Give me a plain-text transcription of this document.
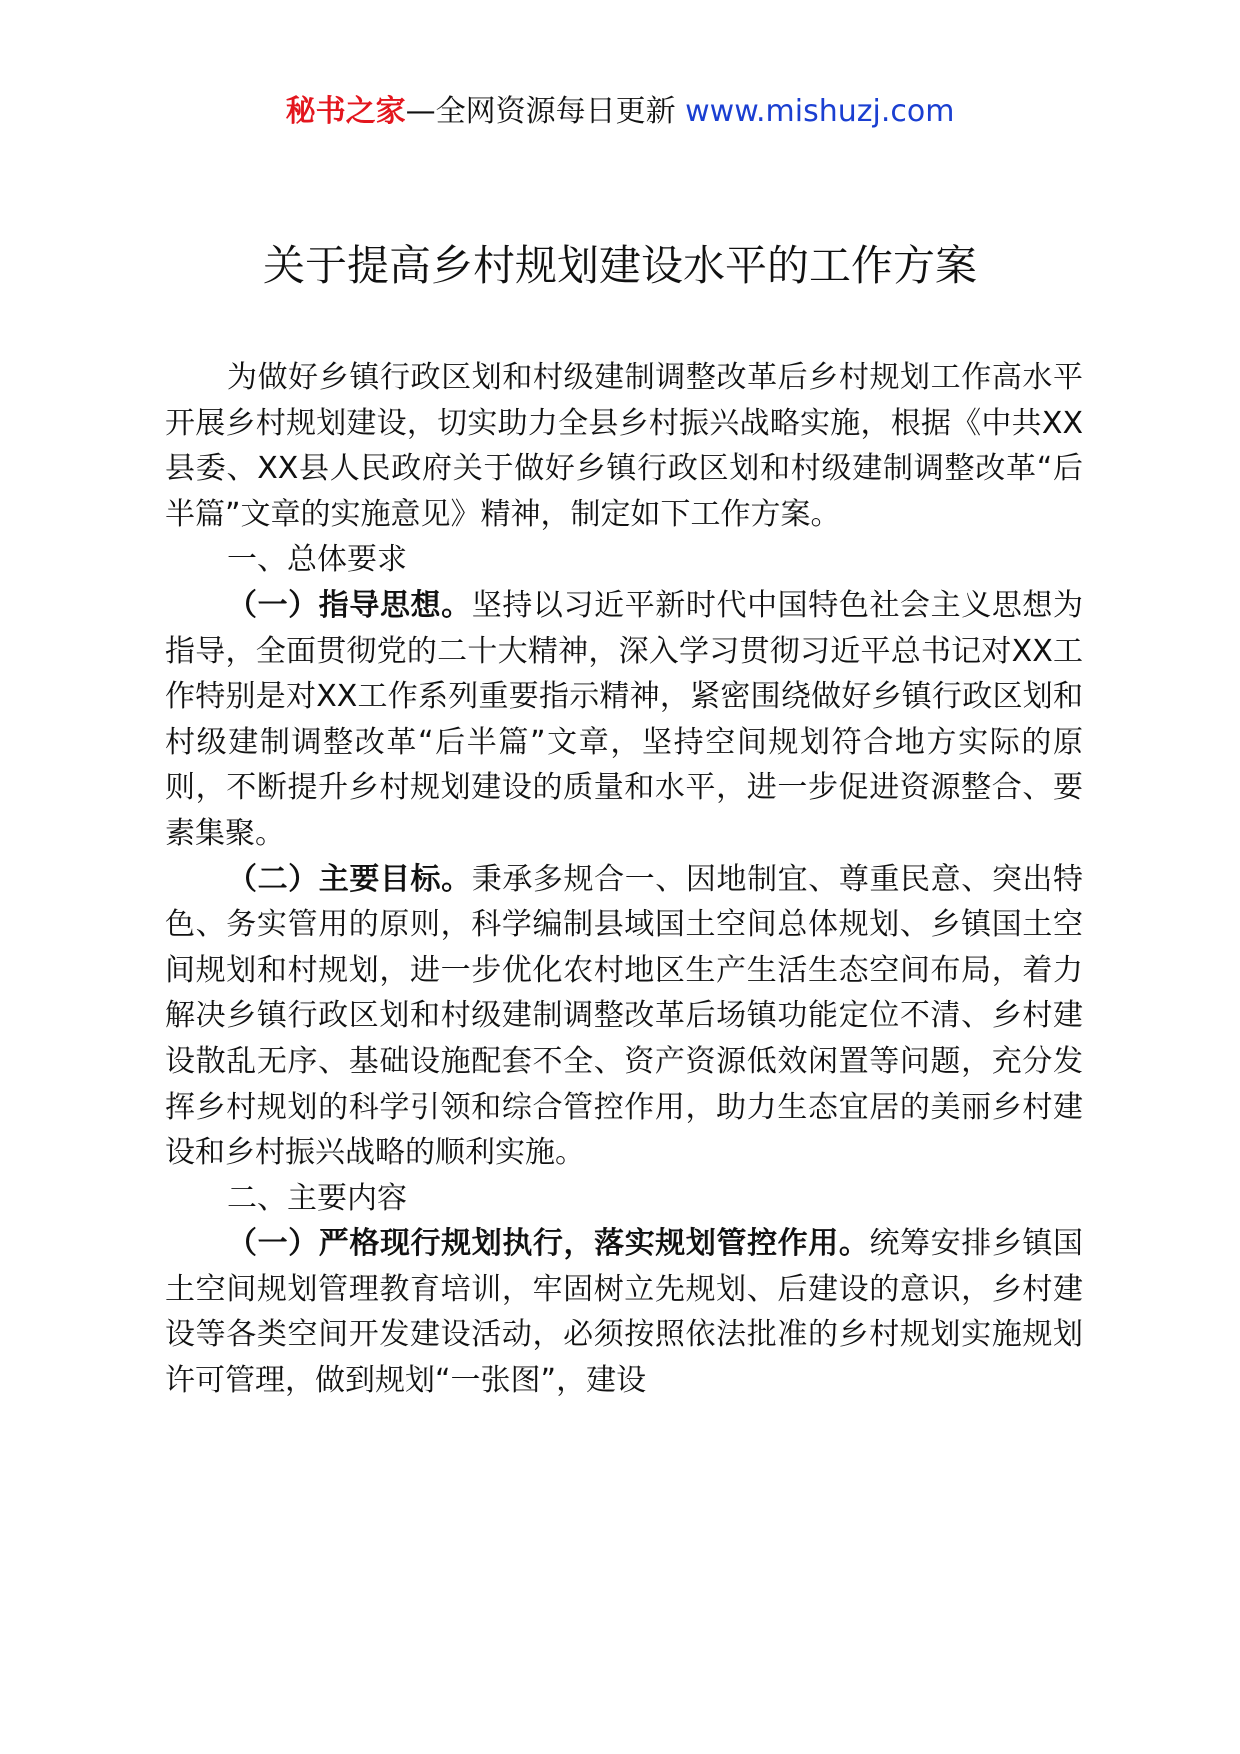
秘书之家—全网资源每日更新 www.mishuzj.com
关于提高乡村规划建设水平的工作方案

为做好乡镇行政区划和村级建制调整改革后乡村规划工作高水平开展乡村规划建设，切实助力全县乡村振兴战略实施，根据《中共XX县委、XX县人民政府关于做好乡镇行政区划和村级建制调整改革“后半篇”文章的实施意见》精神，制定如下工作方案。

一、总体要求

（一）指导思想。坚持以习近平新时代中国特色社会主义思想为指导，全面贯彻党的二十大精神，深入学习贯彻习近平总书记对XX工作特别是对XX工作系列重要指示精神，紧密围绕做好乡镇行政区划和村级建制调整改革“后半篇”文章，坚持空间规划符合地方实际的原则，不断提升乡村规划建设的质量和水平，进一步促进资源整合、要素集聚。

（二）主要目标。秉承多规合一、因地制宜、尊重民意、突出特色、务实管用的原则，科学编制县域国土空间总体规划、乡镇国土空间规划和村规划，进一步优化农村地区生产生活生态空间布局，着力解决乡镇行政区划和村级建制调整改革后场镇功能定位不清、乡村建设散乱无序、基础设施配套不全、资产资源低效闲置等问题，充分发挥乡村规划的科学引领和综合管控作用，助力生态宜居的美丽乡村建设和乡村振兴战略的顺利实施。

二、主要内容

（一）严格现行规划执行，落实规划管控作用。统筹安排乡镇国土空间规划管理教育培训，牢固树立先规划、后建设的意识，乡村建设等各类空间开发建设活动，必须按照依法批准的乡村规划实施规划许可管理，做到规划“一张图”，建设
